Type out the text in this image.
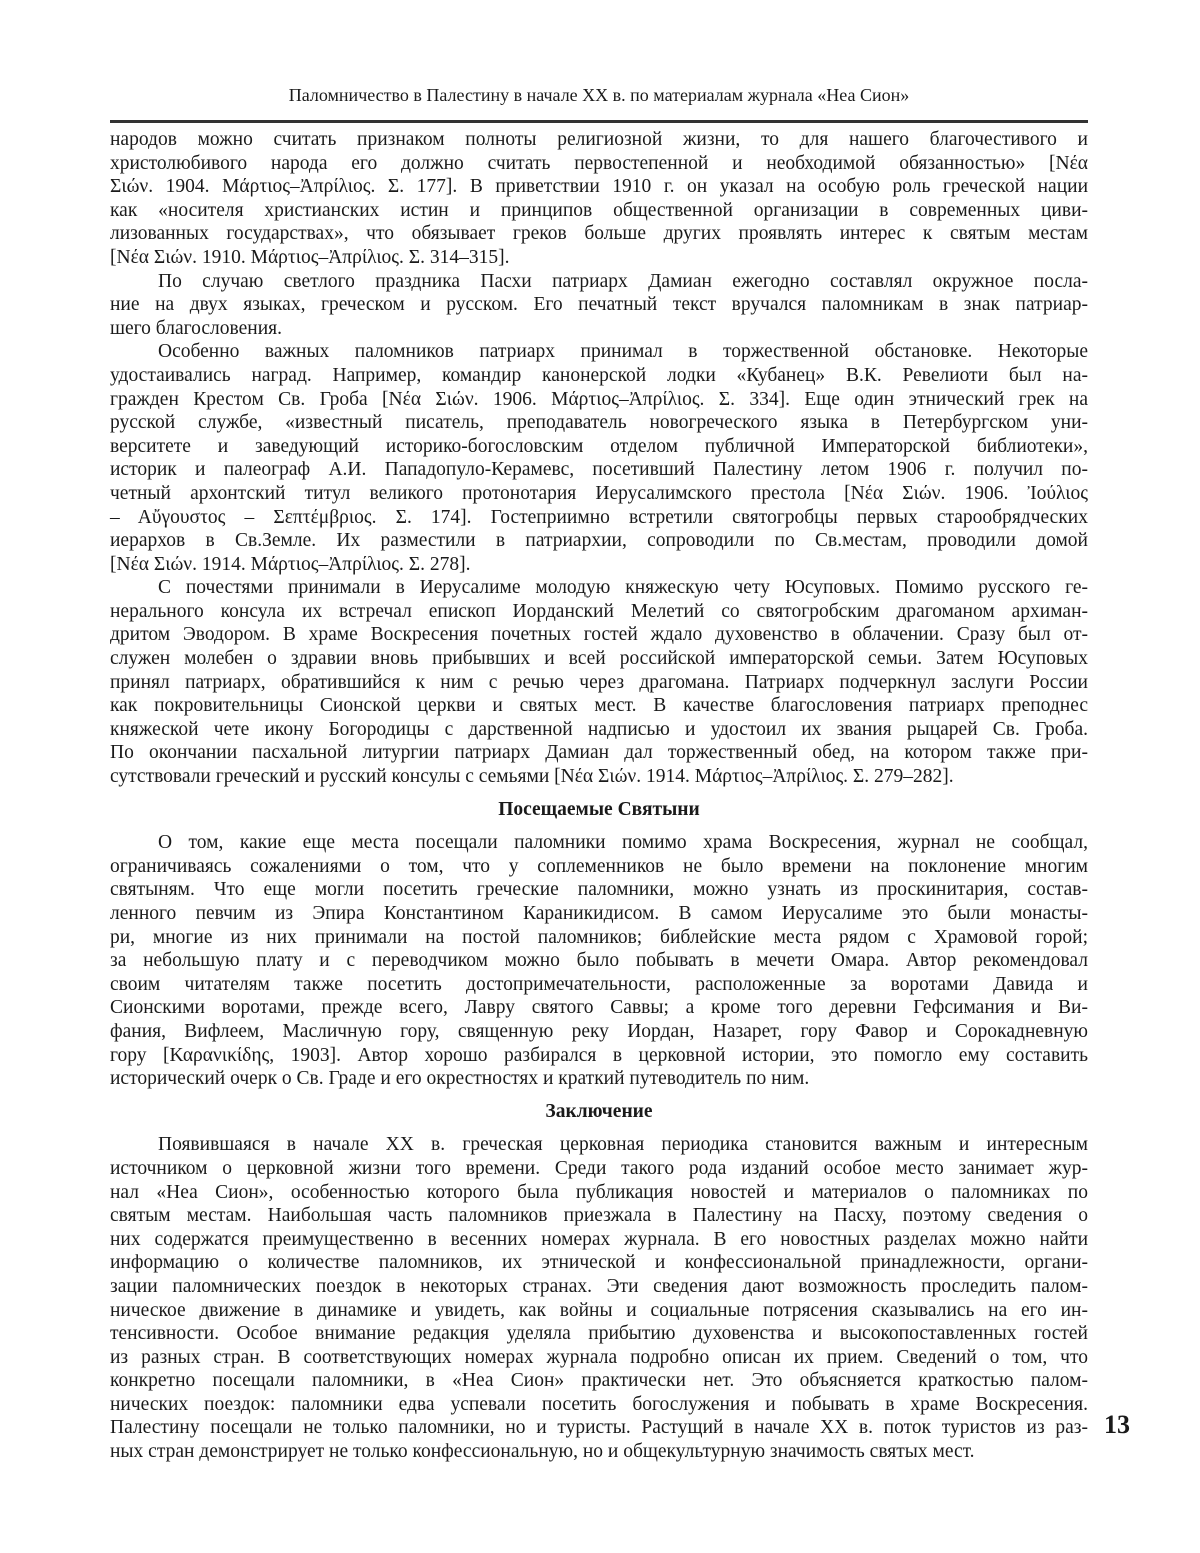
Паломничество в Палестину в начале XX в. по материалам журнала «Неа Сион»
народов можно считать признаком полноты религиозной жизни, то для нашего благочестивого и
христолюбивого народа его должно считать первостепенной и необходимой обязанностью» [Νέα
Σιών. 1904. Μάρτιος–Ἀπρίλιος. Σ. 177]. В приветствии 1910 г. он указал на особую роль греческой нации
как «носителя христианских истин и принципов общественной организации в современных циви-
лизованных государствах», что обязывает греков больше других проявлять интерес к святым местам
[Νέα Σιών. 1910. Μάρτιος–Ἀπρίλιος. Σ. 314–315].
По случаю светлого праздника Пасхи патриарх Дамиан ежегодно составлял окружное посла-
ние на двух языках, греческом и русском. Его печатный текст вручался паломникам в знак патриар-
шего благословения.
Особенно важных паломников патриарх принимал в торжественной обстановке. Некоторые
удостаивались наград. Например, командир канонерской лодки «Кубанец» В.К. Ревелиоти был на-
гражден Крестом Св. Гроба [Νέα Σιών. 1906. Μάρτιος–Ἀπρίλιος. Σ. 334]. Еще один этнический грек на
русской службе, «известный писатель, преподаватель новогреческого языка в Петербургском уни-
верситете и заведующий историко-богословским отделом публичной Императорской библиотеки»,
историк и палеограф А.И. Пападопуло-Керамевс, посетивший Палестину летом 1906 г. получил по-
четный архонтский титул великого протонотария Иерусалимского престола [Νέα Σιών. 1906. Ἰούλιος
– Αὔγουστος – Σεπτέμβριος. Σ. 174]. Гостеприимно встретили святогробцы первых старообрядческих
иерархов в Св.Земле. Их разместили в патриархии, сопроводили по Св.местам, проводили домой
[Νέα Σιών. 1914. Μάρτιος–Ἀπρίλιος. Σ. 278].
С почестями принимали в Иерусалиме молодую княжескую чету Юсуповых. Помимо русского ге-
нерального консула их встречал епископ Иорданский Мелетий со святогробским драгоманом архиман-
дритом Эводором. В храме Воскресения почетных гостей ждало духовенство в облачении. Сразу был от-
служен молебен о здравии вновь прибывших и всей российской императорской семьи. Затем Юсуповых
принял патриарх, обратившийся к ним с речью через драгомана. Патриарх подчеркнул заслуги России
как покровительницы Сионской церкви и святых мест. В качестве благословения патриарх преподнес
княжеской чете икону Богородицы с дарственной надписью и удостоил их звания рыцарей Св. Гроба.
По окончании пасхальной литургии патриарх Дамиан дал торжественный обед, на котором также при-
сутствовали греческий и русский консулы с семьями [Νέα Σιών. 1914. Μάρτιος–Ἀπρίλιος. Σ. 279–282].
Посещаемые Святыни
О том, какие еще места посещали паломники помимо храма Воскресения, журнал не сообщал,
ограничиваясь сожалениями о том, что у соплеменников не было времени на поклонение многим
святыням. Что еще могли посетить греческие паломники, можно узнать из проскинитария, состав-
ленного певчим из Эпира Константином Караникидисом. В самом Иерусалиме это были монасты-
ри, многие из них принимали на постой паломников; библейские места рядом с Храмовой горой;
за небольшую плату и с переводчиком можно было побывать в мечети Омара. Автор рекомендовал
своим читателям также посетить достопримечательности, расположенные за воротами Давида и
Сионскими воротами, прежде всего, Лавру святого Саввы; а кроме того деревни Гефсимания и Ви-
фания, Вифлеем, Масличную гору, священную реку Иордан, Назарет, гору Фавор и Сорокадневную
гору [Καρανικίδης, 1903]. Автор хорошо разбирался в церковной истории, это помогло ему составить
исторический очерк о Св. Граде и его окрестностях и краткий путеводитель по ним.
Заключение
Появившаяся в начале XX в. греческая церковная периодика становится важным и интересным
источником о церковной жизни того времени. Среди такого рода изданий особое место занимает жур-
нал «Неа Сион», особенностью которого была публикация новостей и материалов о паломниках по
святым местам. Наибольшая часть паломников приезжала в Палестину на Пасху, поэтому сведения о
них содержатся преимущественно в весенних номерах журнала. В его новостных разделах можно найти
информацию о количестве паломников, их этнической и конфессиональной принадлежности, органи-
зации паломнических поездок в некоторых странах. Эти сведения дают возможность проследить палом-
ническое движение в динамике и увидеть, как войны и социальные потрясения сказывались на его ин-
тенсивности. Особое внимание редакция уделяла прибытию духовенства и высокопоставленных гостей
из разных стран. В соответствующих номерах журнала подробно описан их прием. Сведений о том, что
конкретно посещали паломники, в «Неа Сион» практически нет. Это объясняется краткостью палом-
нических поездок: паломники едва успевали посетить богослужения и побывать в храме Воскресения.
Палестину посещали не только паломники, но и туристы. Растущий в начале XX в. поток туристов из раз-
ных стран демонстрирует не только конфессиональную, но и общекультурную значимость святых мест.
13
